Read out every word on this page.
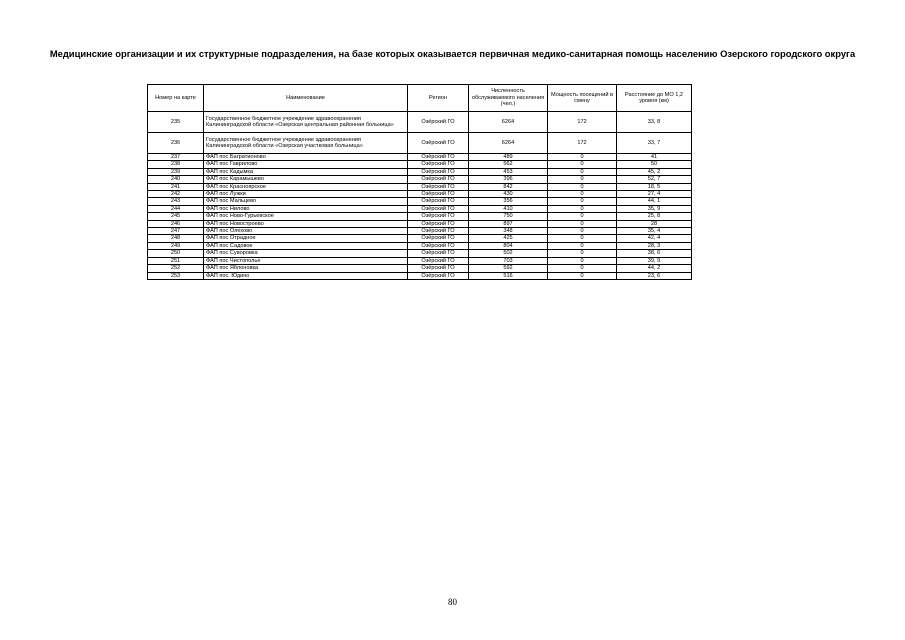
Медицинские организации и их структурные подразделения, на базе которых оказывается первичная медико-санитарная помощь населению Озерского городского округа
Номер на карте	Наименование	Регион	Численность обслуживаемого населения (чел.)	Мощность посещений в смену	Расстояние до МО 1,2 уровня (км)
235	Государственное бюджетное учреждение здравоохранения Калининградской области «Озерская центральная районная больница»	Озёрский ГО	6264	172	33, 8
236	Государственное бюджетное учреждение здравоохранения Калининградской области «Озерская участковая больница»	Озёрский ГО	6264	172	33, 7
237	ФАП пос Багратионово	Озёрский ГО	489	0	41
238	ФАП пос Гаврилово	Озёрский ГО	562	0	50
239	ФАП пос Кадымка	Озёрский ГО	453	0	45, 2
240	ФАП пос Карамышево	Озёрский ГО	396	0	52, 7
241	ФАП пос Красноярское	Озёрский ГО	842	0	18, 5
242	ФАП пос Лужки	Озёрский ГО	430	0	27, 4
243	ФАП пос Мальцево	Озёрский ГО	356	0	44, 1
244	ФАП пос Нилово	Озёрский ГО	410	0	35, 9
245	ФАП пос Ново-Гурьевское	Озёрский ГО	750	0	25, 8
246	ФАП пос Новостроево	Озёрский ГО	897	0	28
247	ФАП пос Олехово	Озёрский ГО	348	0	35, 4
248	ФАП пос Отрадное	Озёрский ГО	425	0	42, 4
249	ФАП пос Садовое	Озёрский ГО	804	0	28, 3
250	ФАП пос Суворовка	Озёрский ГО	502	0	38, 6
251	ФАП пос Чистополье	Озёрский ГО	703	0	39, 9
252	ФАП пос Яблоновка	Озёрский ГО	592	0	44, 2
253	ФАП пос. Юдино	Озёрский ГО	516	0	23, 6
80
